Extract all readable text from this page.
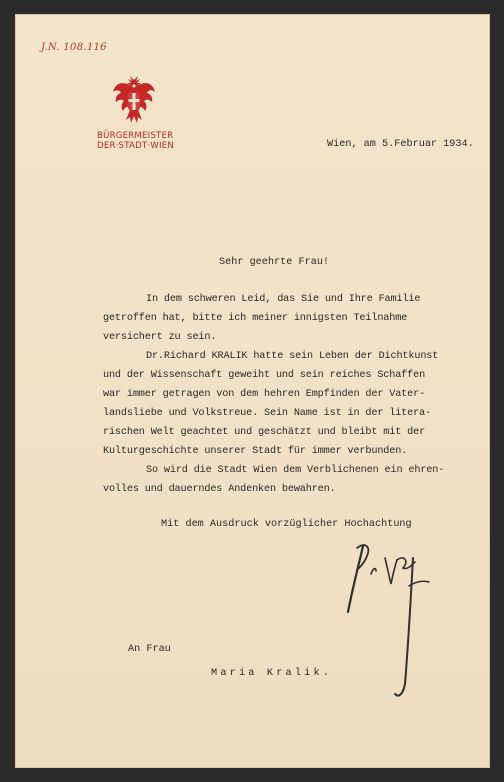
J.N. 108.116
BÜRGERMEISTER
DER·STADT·WIEN	Wien, am 5.Februar 1934.
Sehr geehrte Frau!
In dem schweren Leid, das Sie und Ihre Familie
getroffen hat, bitte ich meiner innigsten Teilnahme
versichert zu sein.
Dr.Richard KRALIK hatte sein Leben der Dichtkunst
und der Wissenschaft geweiht und sein reiches Schaffen
war immer getragen von dem hehren Empfinden der Vater-
landsliebe und Volkstreue. Sein Name ist in der litera-
rischen Welt geachtet und geschätzt und bleibt mit der
Kulturgeschichte unserer Stadt für immer verbunden.
So wird die Stadt Wien dem Verblichenen ein ehren-
volles und dauerndes Andenken bewahren.
Mit dem Ausdruck vorzüglicher Hochachtung
An Frau
Maria Kralik.
